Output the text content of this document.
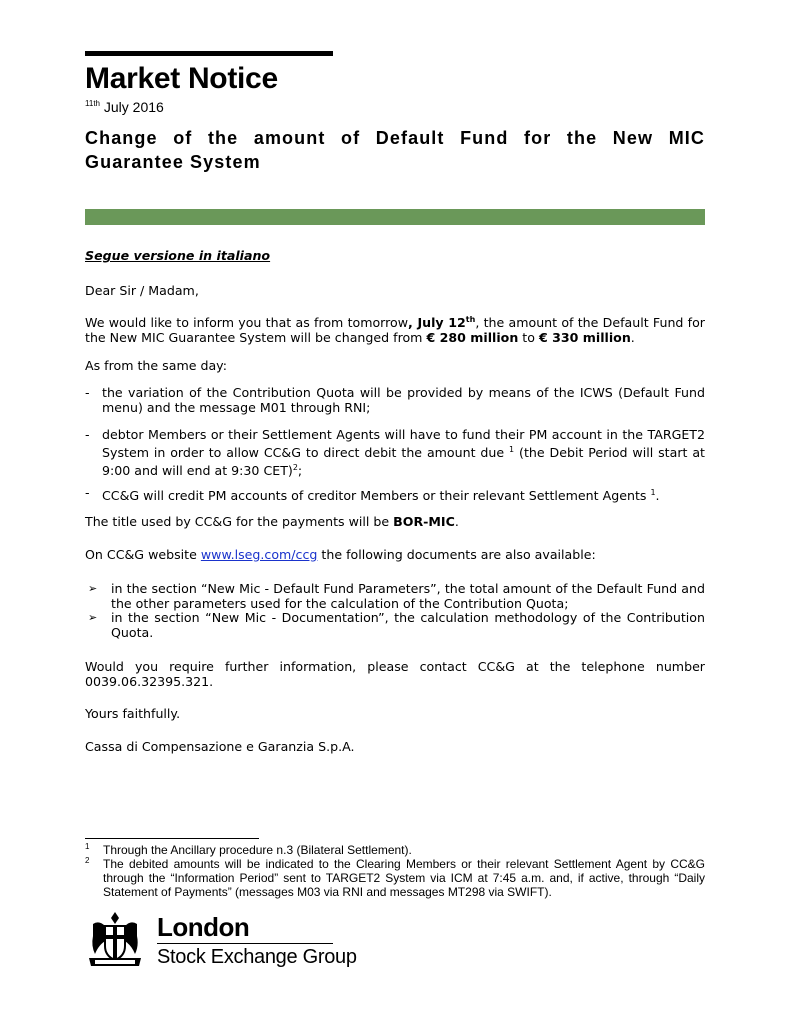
Market Notice
$^{11th}$ July 2016
Change of the amount of Default Fund for the New MIC Guarantee System
Segue versione in italiano
Dear Sir / Madam,
We would like to inform you that as from tomorrow, July 12th, the amount of the Default Fund for the New MIC Guarantee System will be changed from € 280 million to € 330 million.
As from the same day:
- the variation of the Contribution Quota will be provided by means of the ICWS (Default Fund menu) and the message M01 through RNI;
- debtor Members or their Settlement Agents will have to fund their PM account in the TARGET2 System in order to allow CC&G to direct debit the amount due $^1$ (the Debit Period will start at 9:00 and will end at 9:30 CET)$^2$;
- CC&G will credit PM accounts of creditor Members or their relevant Settlement Agents $^1$.
The title used by CC&G for the payments will be BOR-MIC.
On CC&G website www.lseg.com/ccg the following documents are also available:
➢ in the section “New Mic - Default Fund Parameters”, the total amount of the Default Fund and the other parameters used for the calculation of the Contribution Quota;
➢ in the section “New Mic - Documentation”, the calculation methodology of the Contribution Quota.
Would you require further information, please contact CC&G at the telephone number 0039.06.32395.321.
Yours faithfully.
Cassa di Compensazione e Garanzia S.p.A.
1 Through the Ancillary procedure n.3 (Bilateral Settlement).
2 The debited amounts will be indicated to the Clearing Members or their relevant Settlement Agent by CC&G through the “Information Period” sent to TARGET2 System via ICM at 7:45 a.m. and, if active, through “Daily Statement of Payments” (messages M03 via RNI and messages MT298 via SWIFT).
London
Stock Exchange Group
